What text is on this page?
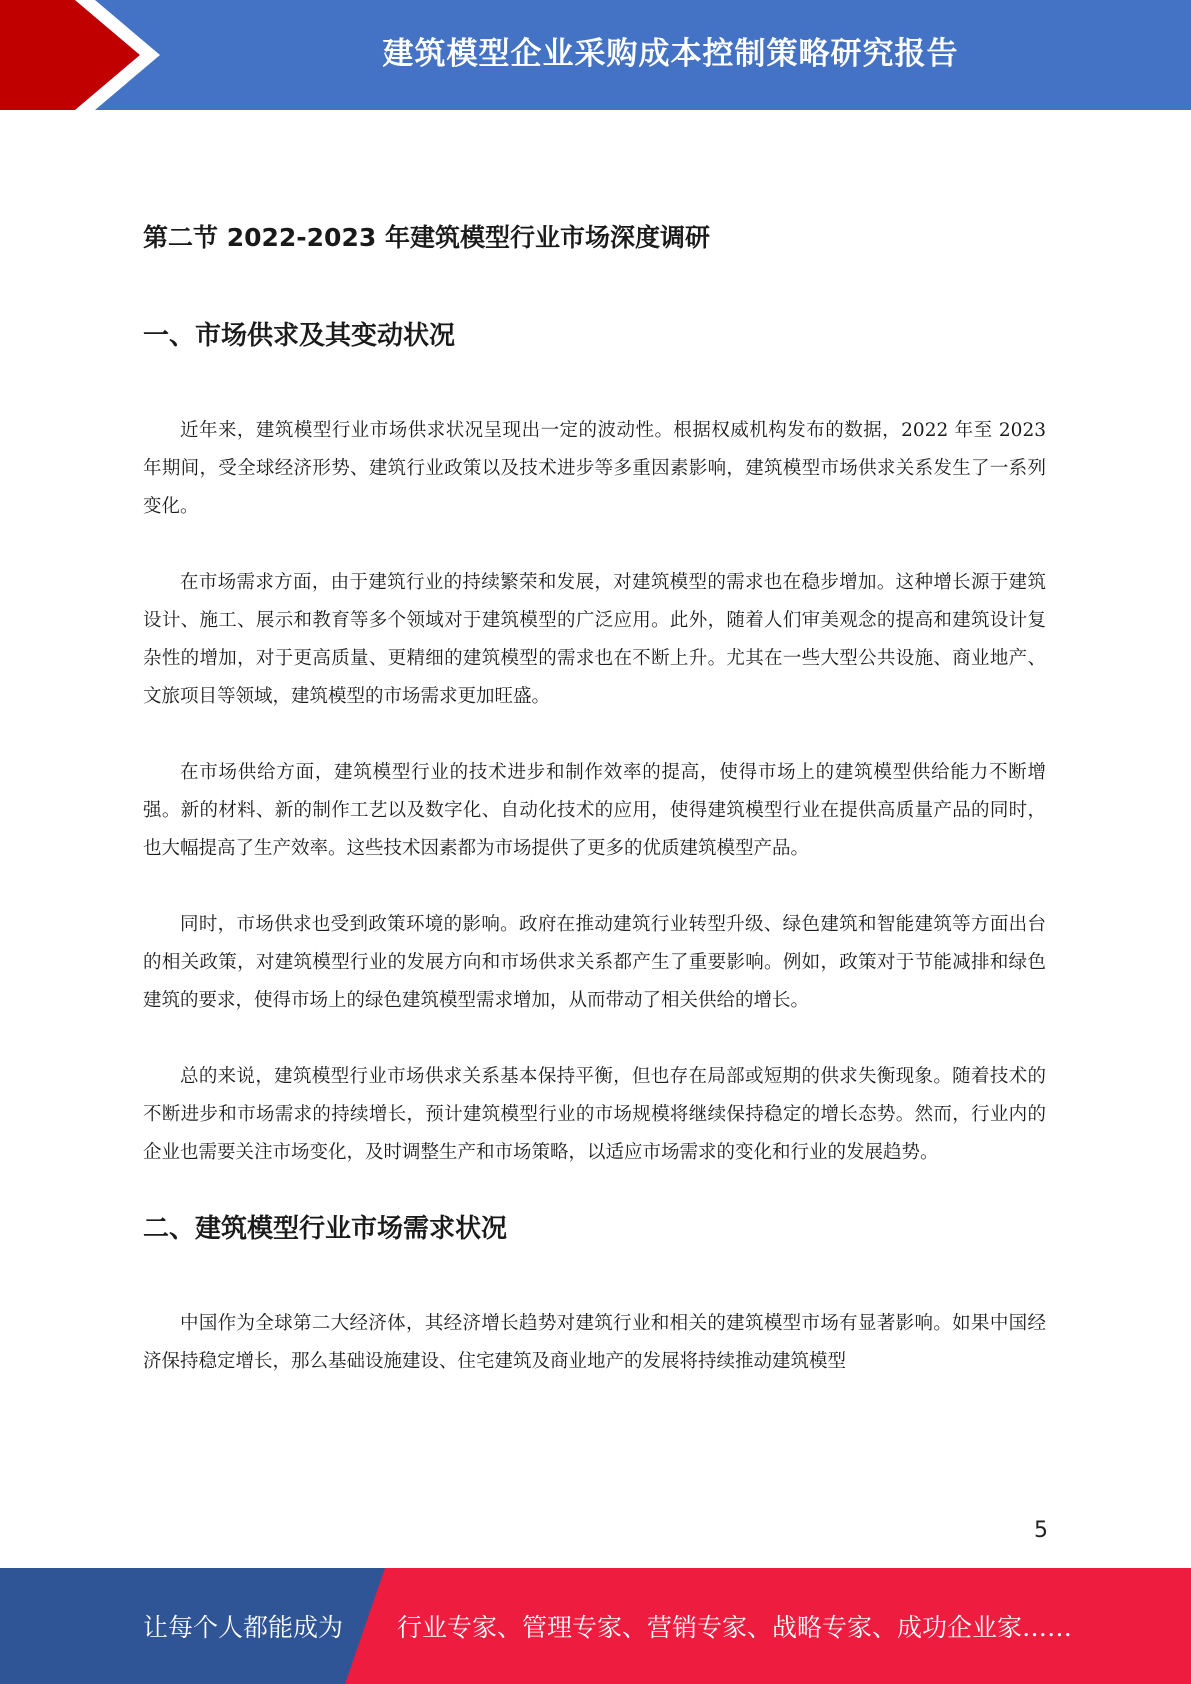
建筑模型企业采购成本控制策略研究报告
第二节 2022-2023 年建筑模型行业市场深度调研
一、市场供求及其变动状况

近年来，建筑模型行业市场供求状况呈现出一定的波动性。根据权威机构发布的数据，2022 年至 2023 年期间，受全球经济形势、建筑行业政策以及技术进步等多重因素影响，建筑模型市场供求关系发生了一系列变化。

在市场需求方面，由于建筑行业的持续繁荣和发展，对建筑模型的需求也在稳步增加。这种增长源于建筑设计、施工、展示和教育等多个领域对于建筑模型的广泛应用。此外，随着人们审美观念的提高和建筑设计复杂性的增加，对于更高质量、更精细的建筑模型的需求也在不断上升。尤其在一些大型公共设施、商业地产、文旅项目等领域，建筑模型的市场需求更加旺盛。

在市场供给方面，建筑模型行业的技术进步和制作效率的提高，使得市场上的建筑模型供给能力不断增强。新的材料、新的制作工艺以及数字化、自动化技术的应用，使得建筑模型行业在提供高质量产品的同时，也大幅提高了生产效率。这些技术因素都为市场提供了更多的优质建筑模型产品。

同时，市场供求也受到政策环境的影响。政府在推动建筑行业转型升级、绿色建筑和智能建筑等方面出台的相关政策，对建筑模型行业的发展方向和市场供求关系都产生了重要影响。例如，政策对于节能减排和绿色建筑的要求，使得市场上的绿色建筑模型需求增加，从而带动了相关供给的增长。

总的来说，建筑模型行业市场供求关系基本保持平衡，但也存在局部或短期的供求失衡现象。随着技术的不断进步和市场需求的持续增长，预计建筑模型行业的市场规模将继续保持稳定的增长态势。然而，行业内的企业也需要关注市场变化，及时调整生产和市场策略，以适应市场需求的变化和行业的发展趋势。

二、建筑模型行业市场需求状况

中国作为全球第二大经济体，其经济增长趋势对建筑行业和相关的建筑模型市场有显著影响。如果中国经济保持稳定增长，那么基础设施建设、住宅建筑及商业地产的发展将持续推动建筑模型

5
让每个人都能成为 行业专家、管理专家、营销专家、战略专家、成功企业家……
